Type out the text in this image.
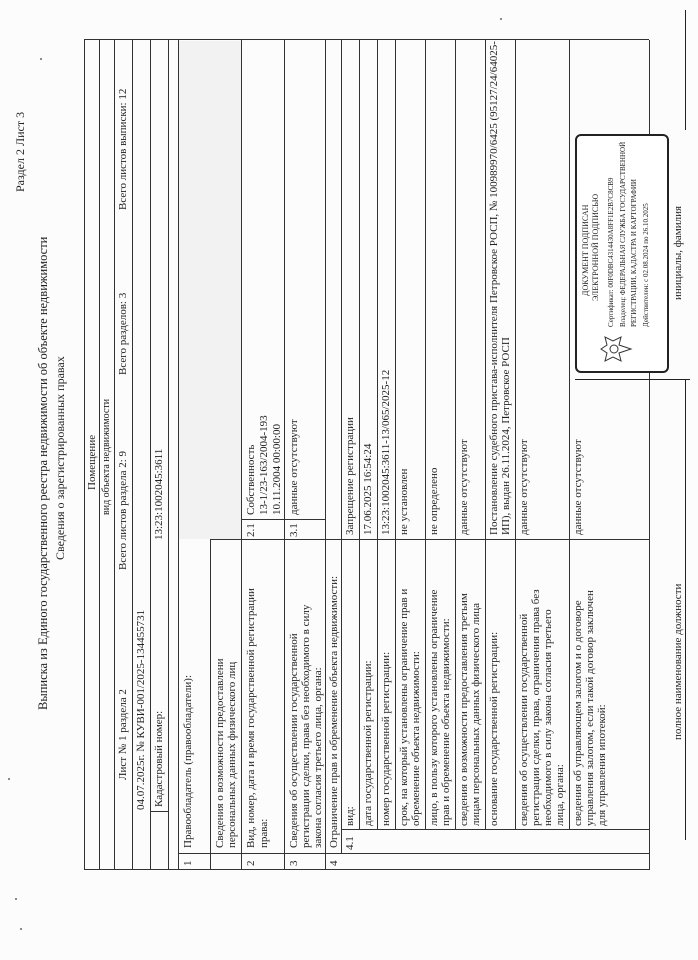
Раздел 2 Лист 3
Выписка из Единого государственного реестра недвижимости об объекте недвижимости Сведения о зарегистрированных правах Помещение вид объекта недвижимости
Лист № 1 раздела 2
Всего листов раздела 2: 9
Всего разделов: 3
Всего листов выписки: 12
04.07.2025г. № КУВИ-001/2025-134455731 Кадастровый номер:
13:23:1002045:3611
1
Правообладатель (правообладатели): Сведения о возможности предоставлени персональных данных физического лиц
2
Вид, номер, дата и время государственной регистрации права:
2.1
Собственность 13-1/23-163/2004-193 10.11.2004 00:00:00
3
Сведения об осуществлении государственной регистрации сделки, права без необходимого в силу закона согласия третьего лица, органа:
3.1
данные отсутствуют
4
Ограничение прав и обременение объекта недвижимости: 4.1
ДОКУМЕНТ ПОДПИСАН ЭЛЕКТРОННОЙ ПОДПИСЬЮ Сертификат: 00F0DBC4314430A8FF1E2B7C8CB9 Владелец: ФЕДЕРАЛЬНАЯ СЛУЖБА ГОСУДАРСТВЕННОЙ РЕГИСТРАЦИИ, КАДАСТРА И КАРТОГРАФИИ Действителен: с 02.08.2024 по 26.10.2025
полное наименование должности
инициалы, фамилия
вид:
Запрещение регистрации
дата государственной регистрации:
17.06.2025 16:54:24
номер государственной регистрации:
13:23:1002045:3611-13/065/2025-12
срок, на который установлены ограничение прав и обременение объекта недвижимости:
не установлен
лицо, в пользу которого установлены ограничение прав и обременение объекта недвижимости:
не определено
сведения о возможности предоставления третьим лицам персональных данных физического лица
данные отсутствуют
основание государственной регистрации:
Постановление судебного пристава-исполнителя Петровское РОСП, № 100989970/6425 (95127/24/64025- ИП), выдан 26.11.2024, Петровское РОСП
сведения об осуществлении государственной регистрации сделки, права, ограничения права без необходимого в силу закона согласия третьего лица, органа:
данные отсутствуют
сведения об управляющем залогом и о договоре управления залогом, если такой договор заключен для управления ипотекой:
данные отсутствуют
